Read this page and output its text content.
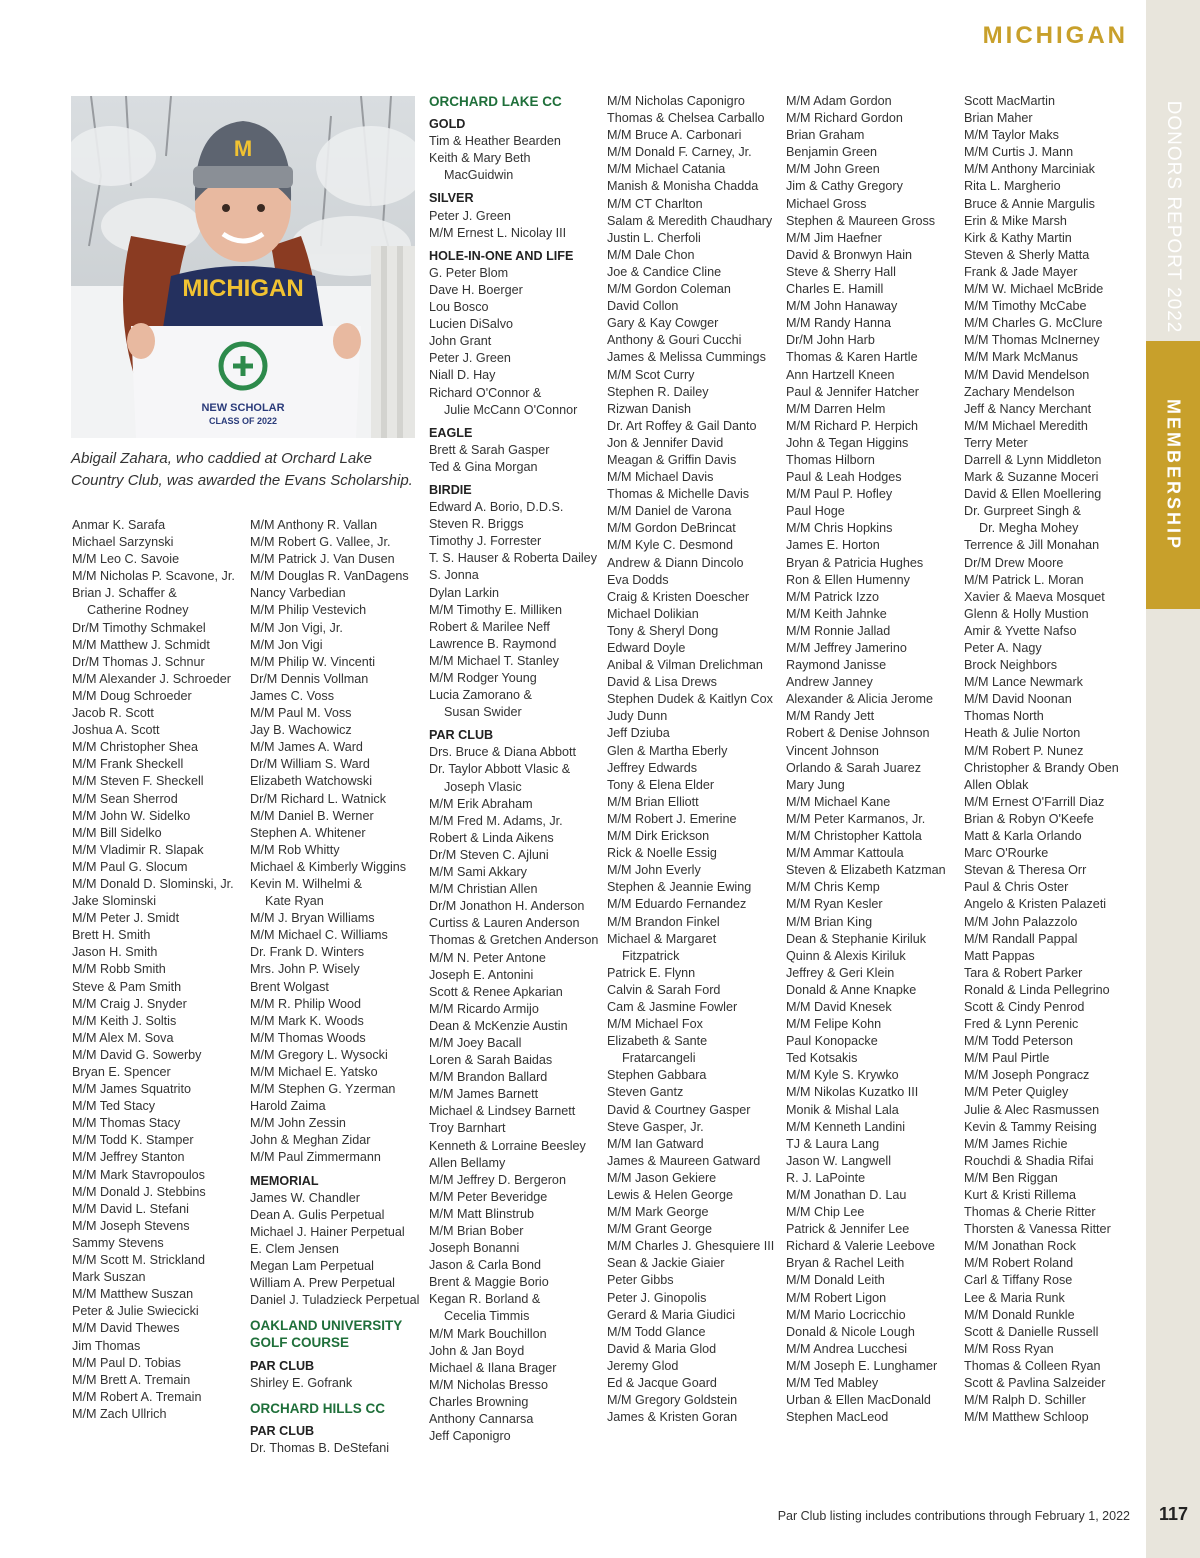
MICHIGAN
DONORS REPORT 2022
MEMBERSHIP
M
MICHIGAN
NEW SCHOLAR
CLASS OF 2022
Abigail Zahara, who caddied at Orchard Lake Country Club, was awarded the Evans Scholarship.
Anmar K. Sarafa
Michael Sarzynski
M/M Leo C. Savoie
M/M Nicholas P. Scavone, Jr.
Brian J. Schaffer &
Catherine Rodney
Dr/M Timothy Schmakel
M/M Matthew J. Schmidt
Dr/M Thomas J. Schnur
M/M Alexander J. Schroeder
M/M Doug Schroeder
Jacob R. Scott
Joshua A. Scott
M/M Christopher Shea
M/M Frank Sheckell
M/M Steven F. Sheckell
M/M Sean Sherrod
M/M John W. Sidelko
M/M Bill Sidelko
M/M Vladimir R. Slapak
M/M Paul G. Slocum
M/M Donald D. Slominski, Jr.
Jake Slominski
M/M Peter J. Smidt
Brett H. Smith
Jason H. Smith
M/M Robb Smith
Steve & Pam Smith
M/M Craig J. Snyder
M/M Keith J. Soltis
M/M Alex M. Sova
M/M David G. Sowerby
Bryan E. Spencer
M/M James Squatrito
M/M Ted Stacy
M/M Thomas Stacy
M/M Todd K. Stamper
M/M Jeffrey Stanton
M/M Mark Stavropoulos
M/M Donald J. Stebbins
M/M David L. Stefani
M/M Joseph Stevens
Sammy Stevens
M/M Scott M. Strickland
Mark Suszan
M/M Matthew Suszan
Peter & Julie Swiecicki
M/M David Thewes
Jim Thomas
M/M Paul D. Tobias
M/M Brett A. Tremain
M/M Robert A. Tremain
M/M Zach Ullrich
M/M Anthony R. Vallan
M/M Robert G. Vallee, Jr.
M/M Patrick J. Van Dusen
M/M Douglas R. VanDagens
Nancy Varbedian
M/M Philip Vestevich
M/M Jon Vigi, Jr.
M/M Jon Vigi
M/M Philip W. Vincenti
Dr/M Dennis Vollman
James C. Voss
M/M Paul M. Voss
Jay B. Wachowicz
M/M James A. Ward
Dr/M William S. Ward
Elizabeth Watchowski
Dr/M Richard L. Watnick
M/M Daniel B. Werner
Stephen A. Whitener
M/M Rob Whitty
Michael & Kimberly Wiggins
Kevin M. Wilhelmi &
Kate Ryan
M/M J. Bryan Williams
M/M Michael C. Williams
Dr. Frank D. Winters
Mrs. John P. Wisely
Brent Wolgast
M/M R. Philip Wood
M/M Mark K. Woods
M/M Thomas Woods
M/M Gregory L. Wysocki
M/M Michael E. Yatsko
M/M Stephen G. Yzerman
Harold Zaima
M/M John Zessin
John & Meghan Zidar
M/M Paul Zimmermann
MEMORIAL
James W. Chandler
Dean A. Gulis Perpetual
Michael J. Hainer Perpetual
E. Clem Jensen
Megan Lam Perpetual
William A. Prew Perpetual
Daniel J. Tuladzieck Perpetual
OAKLAND UNIVERSITY
GOLF COURSE
PAR CLUB
Shirley E. Gofrank
ORCHARD HILLS CC
PAR CLUB
Dr. Thomas B. DeStefani
ORCHARD LAKE CC
GOLD
Tim & Heather Bearden
Keith & Mary Beth
MacGuidwin
SILVER
Peter J. Green
M/M Ernest L. Nicolay III
HOLE-IN-ONE AND LIFE
G. Peter Blom
Dave H. Boerger
Lou Bosco
Lucien DiSalvo
John Grant
Peter J. Green
Niall D. Hay
Richard O'Connor &
Julie McCann O'Connor
EAGLE
Brett & Sarah Gasper
Ted & Gina Morgan
BIRDIE
Edward A. Borio, D.D.S.
Steven R. Briggs
Timothy J. Forrester
T. S. Hauser & Roberta Dailey
S. Jonna
Dylan Larkin
M/M Timothy E. Milliken
Robert & Marilee Neff
Lawrence B. Raymond
M/M Michael T. Stanley
M/M Rodger Young
Lucia Zamorano &
Susan Swider
PAR CLUB
Drs. Bruce & Diana Abbott
Dr. Taylor Abbott Vlasic &
Joseph Vlasic
M/M Erik Abraham
M/M Fred M. Adams, Jr.
Robert & Linda Aikens
Dr/M Steven C. Ajluni
M/M Sami Akkary
M/M Christian Allen
Dr/M Jonathon H. Anderson
Curtiss & Lauren Anderson
Thomas & Gretchen Anderson
M/M N. Peter Antone
Joseph E. Antonini
Scott & Renee Apkarian
M/M Ricardo Armijo
Dean & McKenzie Austin
M/M Joey Bacall
Loren & Sarah Baidas
M/M Brandon Ballard
M/M James Barnett
Michael & Lindsey Barnett
Troy Barnhart
Kenneth & Lorraine Beesley
Allen Bellamy
M/M Jeffrey D. Bergeron
M/M Peter Beveridge
M/M Matt Blinstrub
M/M Brian Bober
Joseph Bonanni
Jason & Carla Bond
Brent & Maggie Borio
Kegan R. Borland &
Cecelia Timmis
M/M Mark Bouchillon
John & Jan Boyd
Michael & Ilana Brager
M/M Nicholas Bresso
Charles Browning
Anthony Cannarsa
Jeff Caponigro
M/M Nicholas Caponigro
Thomas & Chelsea Carballo
M/M Bruce A. Carbonari
M/M Donald F. Carney, Jr.
M/M Michael Catania
Manish & Monisha Chadda
M/M CT Charlton
Salam & Meredith Chaudhary
Justin L. Cherfoli
M/M Dale Chon
Joe & Candice Cline
M/M Gordon Coleman
David Collon
Gary & Kay Cowger
Anthony & Gouri Cucchi
James & Melissa Cummings
M/M Scot Curry
Stephen R. Dailey
Rizwan Danish
Dr. Art Roffey & Gail Danto
Jon & Jennifer David
Meagan & Griffin Davis
M/M Michael Davis
Thomas & Michelle Davis
M/M Daniel de Varona
M/M Gordon DeBrincat
M/M Kyle C. Desmond
Andrew & Diann Dincolo
Eva Dodds
Craig & Kristen Doescher
Michael Dolikian
Tony & Sheryl Dong
Edward Doyle
Anibal & Vilman Drelichman
David & Lisa Drews
Stephen Dudek & Kaitlyn Cox
Judy Dunn
Jeff Dziuba
Glen & Martha Eberly
Jeffrey Edwards
Tony & Elena Elder
M/M Brian Elliott
M/M Robert J. Emerine
M/M Dirk Erickson
Rick & Noelle Essig
M/M John Everly
Stephen & Jeannie Ewing
M/M Eduardo Fernandez
M/M Brandon Finkel
Michael & Margaret
Fitzpatrick
Patrick E. Flynn
Calvin & Sarah Ford
Cam & Jasmine Fowler
M/M Michael Fox
Elizabeth & Sante
Fratarcangeli
Stephen Gabbara
Steven Gantz
David & Courtney Gasper
Steve Gasper, Jr.
M/M Ian Gatward
James & Maureen Gatward
M/M Jason Gekiere
Lewis & Helen George
M/M Mark George
M/M Grant George
M/M Charles J. Ghesquiere III
Sean & Jackie Giaier
Peter Gibbs
Peter J. Ginopolis
Gerard & Maria Giudici
M/M Todd Glance
David & Maria Glod
Jeremy Glod
Ed & Jacque Goard
M/M Gregory Goldstein
James & Kristen Goran
M/M Adam Gordon
M/M Richard Gordon
Brian Graham
Benjamin Green
M/M John Green
Jim & Cathy Gregory
Michael Gross
Stephen & Maureen Gross
M/M Jim Haefner
David & Bronwyn Hain
Steve & Sherry Hall
Charles E. Hamill
M/M John Hanaway
M/M Randy Hanna
Dr/M John Harb
Thomas & Karen Hartle
Ann Hartzell Kneen
Paul & Jennifer Hatcher
M/M Darren Helm
M/M Richard P. Herpich
John & Tegan Higgins
Thomas Hilborn
Paul & Leah Hodges
M/M Paul P. Hofley
Paul Hoge
M/M Chris Hopkins
James E. Horton
Bryan & Patricia Hughes
Ron & Ellen Humenny
M/M Patrick Izzo
M/M Keith Jahnke
M/M Ronnie Jallad
M/M Jeffrey Jamerino
Raymond Janisse
Andrew Janney
Alexander & Alicia Jerome
M/M Randy Jett
Robert & Denise Johnson
Vincent Johnson
Orlando & Sarah Juarez
Mary Jung
M/M Michael Kane
M/M Peter Karmanos, Jr.
M/M Christopher Kattola
M/M Ammar Kattoula
Steven & Elizabeth Katzman
M/M Chris Kemp
M/M Ryan Kesler
M/M Brian King
Dean & Stephanie Kiriluk
Quinn & Alexis Kiriluk
Jeffrey & Geri Klein
Donald & Anne Knapke
M/M David Knesek
M/M Felipe Kohn
Paul Konopacke
Ted Kotsakis
M/M Kyle S. Krywko
M/M Nikolas Kuzatko III
Monik & Mishal Lala
M/M Kenneth Landini
TJ & Laura Lang
Jason W. Langwell
R. J. LaPointe
M/M Jonathan D. Lau
M/M Chip Lee
Patrick & Jennifer Lee
Richard & Valerie Leebove
Bryan & Rachel Leith
M/M Donald Leith
M/M Robert Ligon
M/M Mario Locricchio
Donald & Nicole Lough
M/M Andrea Lucchesi
M/M Joseph E. Lunghamer
M/M Ted Mabley
Urban & Ellen MacDonald
Stephen MacLeod
Scott MacMartin
Brian Maher
M/M Taylor Maks
M/M Curtis J. Mann
M/M Anthony Marciniak
Rita L. Margherio
Bruce & Annie Margulis
Erin & Mike Marsh
Kirk & Kathy Martin
Steven & Sherly Matta
Frank & Jade Mayer
M/M W. Michael McBride
M/M Timothy McCabe
M/M Charles G. McClure
M/M Thomas McInerney
M/M Mark McManus
M/M David Mendelson
Zachary Mendelson
Jeff & Nancy Merchant
M/M Michael Meredith
Terry Meter
Darrell & Lynn Middleton
Mark & Suzanne Moceri
David & Ellen Moellering
Dr. Gurpreet Singh &
Dr. Megha Mohey
Terrence & Jill Monahan
Dr/M Drew Moore
M/M Patrick L. Moran
Xavier & Maeva Mosquet
Glenn & Holly Mustion
Amir & Yvette Nafso
Peter A. Nagy
Brock Neighbors
M/M Lance Newmark
M/M David Noonan
Thomas North
Heath & Julie Norton
M/M Robert P. Nunez
Christopher & Brandy Oben
Allen Oblak
M/M Ernest O'Farrill Diaz
Brian & Robyn O'Keefe
Matt & Karla Orlando
Marc O'Rourke
Stevan & Theresa Orr
Paul & Chris Oster
Angelo & Kristen Palazeti
M/M John Palazzolo
M/M Randall Pappal
Matt Pappas
Tara & Robert Parker
Ronald & Linda Pellegrino
Scott & Cindy Penrod
Fred & Lynn Perenic
M/M Todd Peterson
M/M Paul Pirtle
M/M Joseph Pongracz
M/M Peter Quigley
Julie & Alec Rasmussen
Kevin & Tammy Reising
M/M James Richie
Rouchdi & Shadia Rifai
M/M Ben Riggan
Kurt & Kristi Rillema
Thomas & Cherie Ritter
Thorsten & Vanessa Ritter
M/M Jonathan Rock
M/M Robert Roland
Carl & Tiffany Rose
Lee & Maria Runk
M/M Donald Runkle
Scott & Danielle Russell
M/M Ross Ryan
Thomas & Colleen Ryan
Scott & Pavlina Salzeider
M/M Ralph D. Schiller
M/M Matthew Schloop
Par Club listing includes contributions through February 1, 2022 117
